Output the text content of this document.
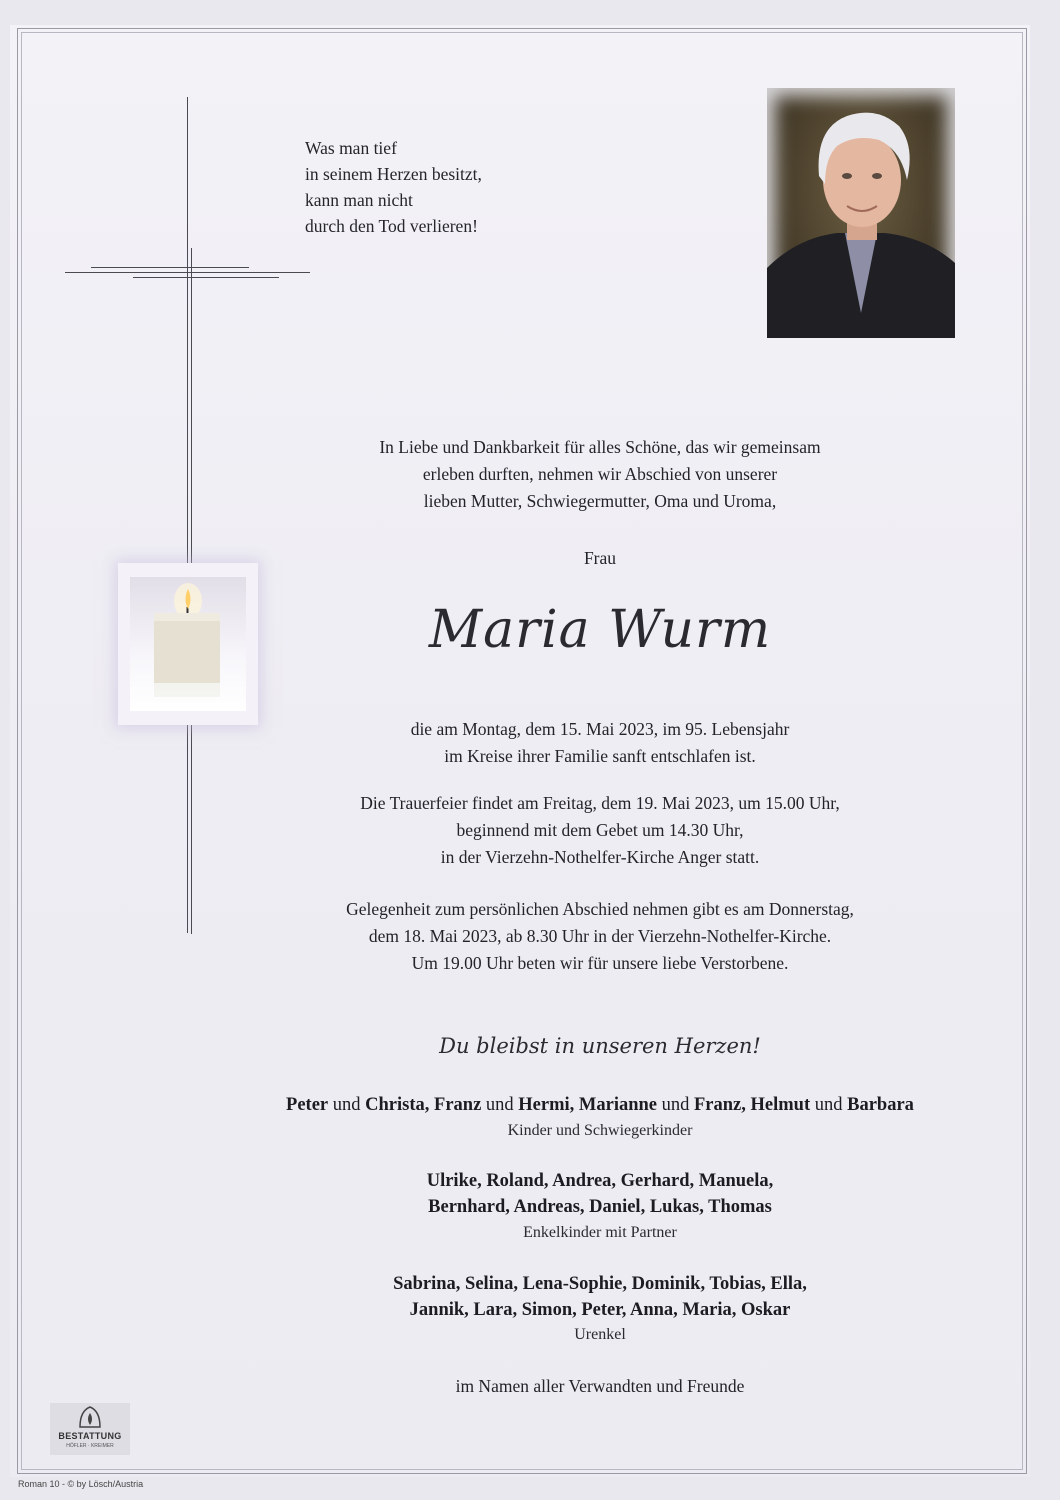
Was man tief
in seinem Herzen besitzt,
kann man nicht
durch den Tod verlieren!
In Liebe und Dankbarkeit für alles Schöne, das wir gemeinsam
erleben durften, nehmen wir Abschied von unserer
lieben Mutter, Schwiegermutter, Oma und Uroma,
Frau
Maria Wurm
die am Montag, dem 15. Mai 2023, im 95. Lebensjahr
im Kreise ihrer Familie sanft entschlafen ist.
Die Trauerfeier findet am Freitag, dem 19. Mai 2023, um 15.00 Uhr,
beginnend mit dem Gebet um 14.30 Uhr,
in der Vierzehn-Nothelfer-Kirche Anger statt.
Gelegenheit zum persönlichen Abschied nehmen gibt es am Donnerstag,
dem 18. Mai 2023, ab 8.30 Uhr in der Vierzehn-Nothelfer-Kirche.
Um 19.00 Uhr beten wir für unsere liebe Verstorbene.
Du bleibst in unseren Herzen!
Peter und Christa, Franz und Hermi, Marianne und Franz, Helmut und Barbara
Kinder und Schwiegerkinder
Ulrike, Roland, Andrea, Gerhard, Manuela,
Bernhard, Andreas, Daniel, Lukas, Thomas
Enkelkinder mit Partner
Sabrina, Selina, Lena-Sophie, Dominik, Tobias, Ella,
Jannik, Lara, Simon, Peter, Anna, Maria, Oskar
Urenkel
im Namen aller Verwandten und Freunde
BESTATTUNG
HÖFLER · KREIMER
Roman 10 - © by Lösch/Austria
